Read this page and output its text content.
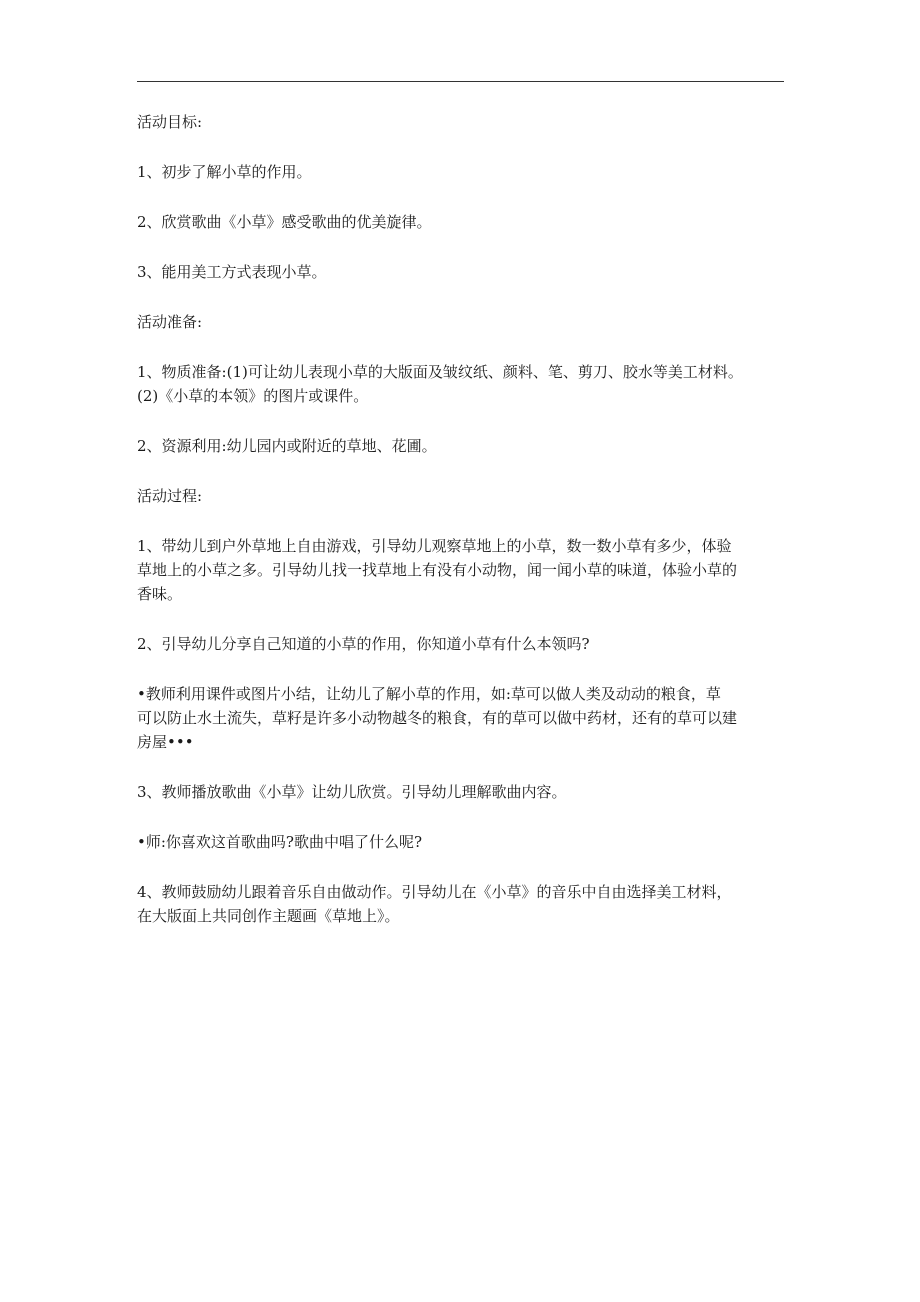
活动目标:

1、初步了解小草的作用。

2、欣赏歌曲《小草》感受歌曲的优美旋律。

3、能用美工方式表现小草。

活动准备:

1、物质准备:(1)可让幼儿表现小草的大版面及皱纹纸、颜料、笔、剪刀、胶水等美工材料。
(2)《小草的本领》的图片或课件。

2、资源利用:幼儿园内或附近的草地、花圃。

活动过程:

1、带幼儿到户外草地上自由游戏，引导幼儿观察草地上的小草，数一数小草有多少，体验
草地上的小草之多。引导幼儿找一找草地上有没有小动物，闻一闻小草的味道，体验小草的
香味。

2、引导幼儿分享自己知道的小草的作用，你知道小草有什么本领吗?

•教师利用课件或图片小结，让幼儿了解小草的作用，如:草可以做人类及动动的粮食，草
可以防止水土流失，草籽是许多小动物越冬的粮食，有的草可以做中药材，还有的草可以建
房屋•••

3、教师播放歌曲《小草》让幼儿欣赏。引导幼儿理解歌曲内容。

•师:你喜欢这首歌曲吗?歌曲中唱了什么呢?

4、教师鼓励幼儿跟着音乐自由做动作。引导幼儿在《小草》的音乐中自由选择美工材料，
在大版面上共同创作主题画《草地上》。
